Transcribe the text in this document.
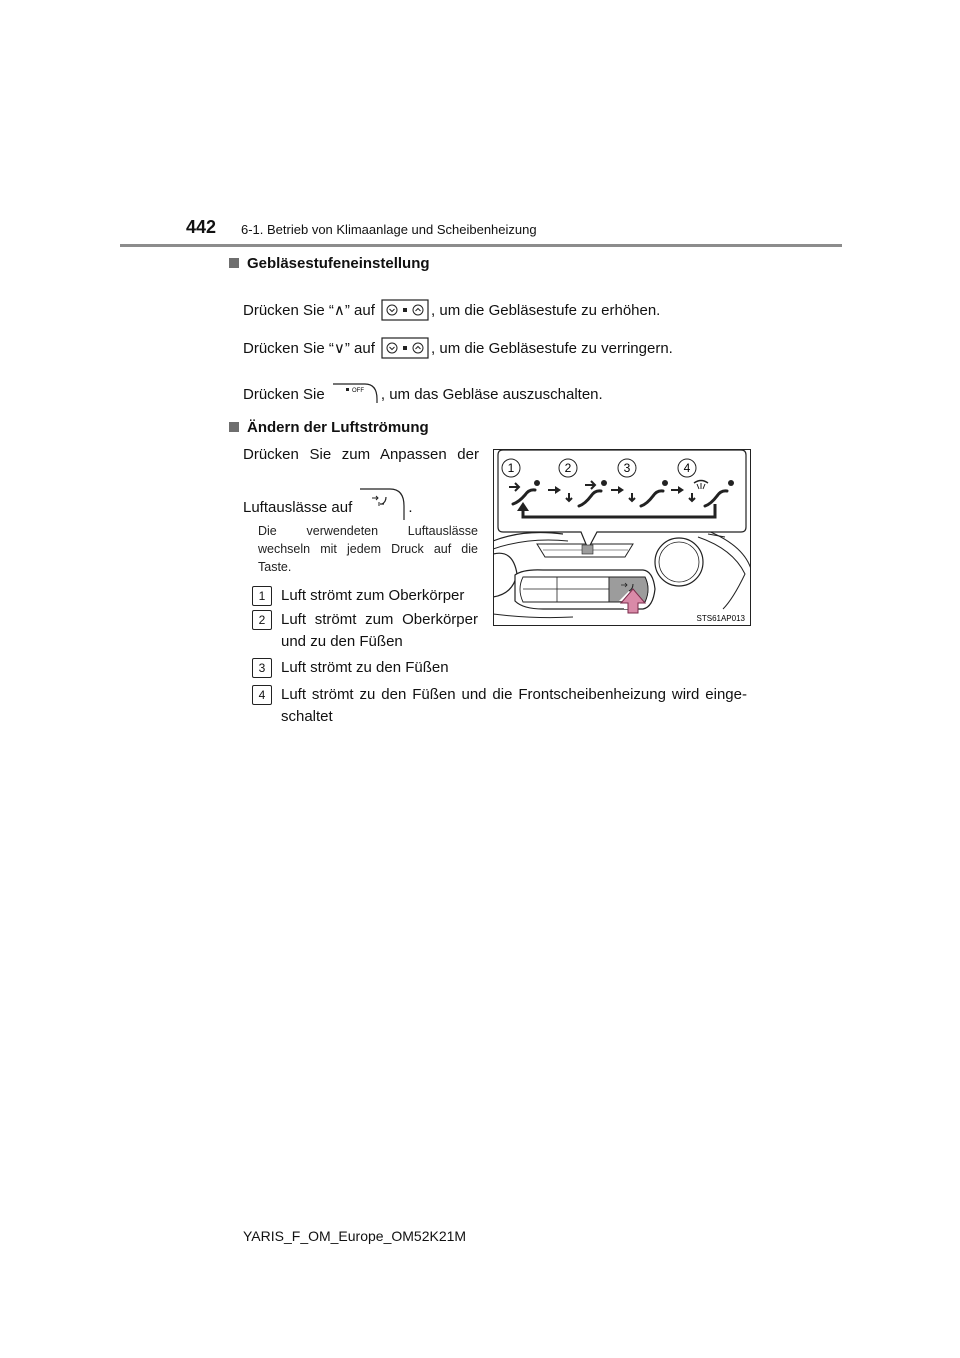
442 6-1. Betrieb von Klimaanlage und Scheibenheizung
Gebläsestufeneinstellung
Drücken Sie “∧” auf	, um die Gebläsestufe zu erhöhen.
Drücken Sie “∨” auf	, um die Gebläsestufe zu verringern.
Drücken Sie	OFF , um das Gebläse auszuschalten.
Ändern der Luftströmung
Drücken Sie zum Anpassen der
Luftauslässe auf	.
Die verwendeten Luftauslässe wechseln mit jedem Druck auf die Taste.
1	Luft strömt zum Oberkörper
2	Luft strömt zum Oberkörper und zu den Füßen
3	Luft strömt zu den Füßen
4	Luft strömt zu den Füßen und die Frontscheibenheizung wird einge-schaltet
1	2	3	4
STS61AP013
YARIS_F_OM_Europe_OM52K21M
